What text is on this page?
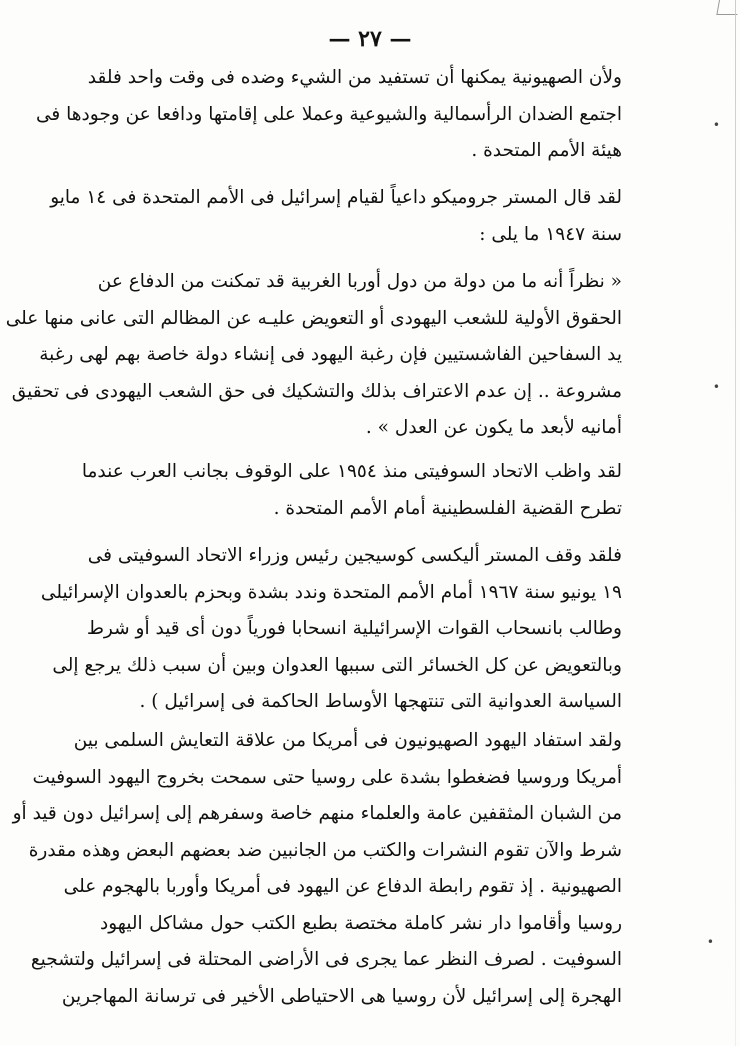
— ٢٧ —
ولأن الصهيونية يمكنها أن تستفيد من الشيء وضده فى وقت واحد فلقد
اجتمع الضدان الرأسمالية والشيوعية وعملا على إقامتها ودافعا عن وجودها فى
هيئة الأمم المتحدة .
لقد قال المستر جروميكو داعياً لقيام إسرائيل فى الأمم المتحدة فى ١٤ مايو
سنة ١٩٤٧ ما يلى :
« نظراً أنه ما من دولة من دول أوربا الغربية قد تمكنت من الدفاع عن
الحقوق الأولية للشعب اليهودى أو التعويض عليـه عن المظالم التى عانى منها على
يد السفاحين الفاشستيين فإن رغبة اليهود فى إنشاء دولة خاصة بهم لهى رغبة
مشروعة .. إن عدم الاعتراف بذلك والتشكيك فى حق الشعب اليهودى فى تحقيق
أمانيه لأبعد ما يكون عن العدل » .
لقد واظب الاتحاد السوفيتى منذ ١٩٥٤ على الوقوف بجانب العرب عندما
تطرح القضية الفلسطينية أمام الأمم المتحدة .
فلقد وقف المستر أليكسى كوسيجين رئيس وزراء الاتحاد السوفيتى فى
١٩ يونيو سنة ١٩٦٧ أمام الأمم المتحدة وندد بشدة وبحزم بالعدوان الإسرائيلى
وطالب بانسحاب القوات الإسرائيلية انسحابا فورياً دون أى قيد أو شرط
وبالتعويض عن كل الخسائر التى سببها العدوان وبين أن سبب ذلك يرجع إلى
السياسة العدوانية التى تنتهجها الأوساط الحاكمة فى إسرائيل ) .
ولقد استفاد اليهود الصهيونيون فى أمريكا من علاقة التعايش السلمى بين
أمريكا وروسيا فضغطوا بشدة على روسيا حتى سمحت بخروج اليهود السوفيت
من الشبان المثقفين عامة والعلماء منهم خاصة وسفرهم إلى إسرائيل دون قيد أو
شرط والآن تقوم النشرات والكتب من الجانبين ضد بعضهم البعض وهذه مقدرة
الصهيونية . إذ تقوم رابطة الدفاع عن اليهود فى أمريكا وأوربا بالهجوم على
روسيا وأقاموا دار نشر كاملة مختصة بطبع الكتب حول مشاكل اليهود
السوفيت . لصرف النظر عما يجرى فى الأراضى المحتلة فى إسرائيل ولتشجيع
الهجرة إلى إسرائيل لأن روسيا هى الاحتياطى الأخير فى ترسانة المهاجرين
•
•
•
